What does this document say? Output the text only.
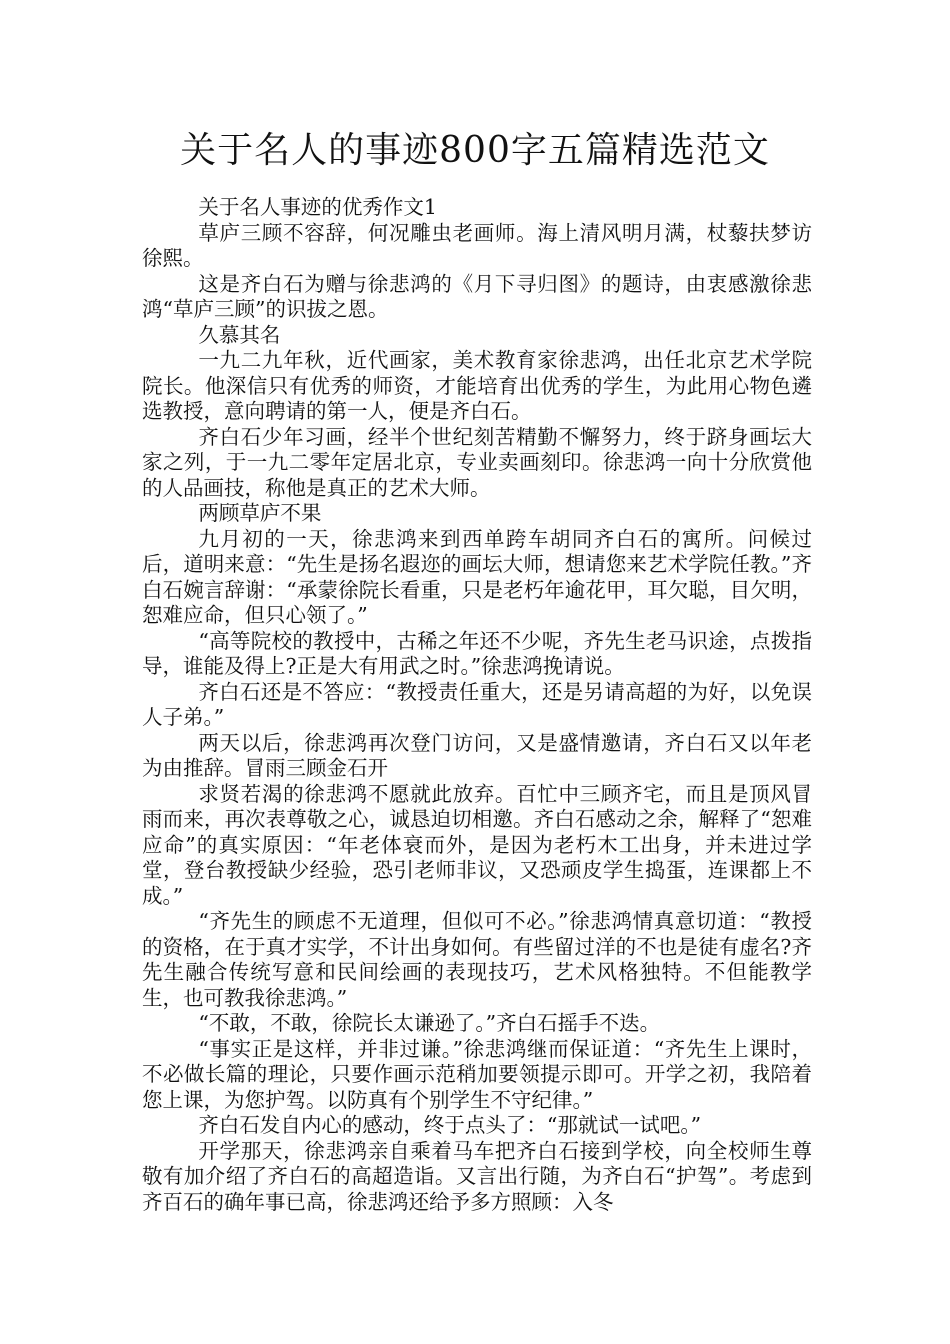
关于名人的事迹800字五篇精选范文

关于名人事迹的优秀作文1

草庐三顾不容辞，何况雕虫老画师。海上清风明月满，杖藜扶梦访徐熙。

这是齐白石为赠与徐悲鸿的《月下寻归图》的题诗，由衷感激徐悲鸿“草庐三顾”的识拔之恩。

久慕其名

一九二九年秋，近代画家，美术教育家徐悲鸿，出任北京艺术学院院长。他深信只有优秀的师资，才能培育出优秀的学生，为此用心物色遴选教授，意向聘请的第一人，便是齐白石。

齐白石少年习画，经半个世纪刻苦精勤不懈努力，终于跻身画坛大家之列，于一九二零年定居北京，专业卖画刻印。徐悲鸿一向十分欣赏他的人品画技，称他是真正的艺术大师。

两顾草庐不果

九月初的一天，徐悲鸿来到西单跨车胡同齐白石的寓所。问候过后，道明来意：“先生是扬名遐迩的画坛大师，想请您来艺术学院任教。”齐白石婉言辞谢：“承蒙徐院长看重，只是老朽年逾花甲，耳欠聪，目欠明，恕难应命，但只心领了。”

“高等院校的教授中，古稀之年还不少呢，齐先生老马识途，点拨指导，谁能及得上?正是大有用武之时。”徐悲鸿挽请说。

齐白石还是不答应：“教授责任重大，还是另请高超的为好，以免误人子弟。”

两天以后，徐悲鸿再次登门访问，又是盛情邀请，齐白石又以年老为由推辞。冒雨三顾金石开

求贤若渴的徐悲鸿不愿就此放弃。百忙中三顾齐宅，而且是顶风冒雨而来，再次表尊敬之心，诚恳迫切相邀。齐白石感动之余，解释了“恕难应命”的真实原因：“年老体衰而外，是因为老朽木工出身，并未进过学堂，登台教授缺少经验，恐引老师非议，又恐顽皮学生捣蛋，连课都上不成。”

“齐先生的顾虑不无道理，但似可不必。”徐悲鸿情真意切道：“教授的资格，在于真才实学，不计出身如何。有些留过洋的不也是徒有虚名?齐先生融合传统写意和民间绘画的表现技巧，艺术风格独特。不但能教学生，也可教我徐悲鸿。”

“不敢，不敢，徐院长太谦逊了。”齐白石摇手不迭。

“事实正是这样，并非过谦。”徐悲鸿继而保证道：“齐先生上课时，不必做长篇的理论，只要作画示范稍加要领提示即可。开学之初，我陪着您上课，为您护驾。以防真有个别学生不守纪律。”

齐白石发自内心的感动，终于点头了：“那就试一试吧。”

开学那天，徐悲鸿亲自乘着马车把齐白石接到学校，向全校师生尊敬有加介绍了齐白石的高超造诣。又言出行随，为齐白石“护驾”。考虑到齐百石的确年事已高，徐悲鸿还给予多方照顾：入冬
